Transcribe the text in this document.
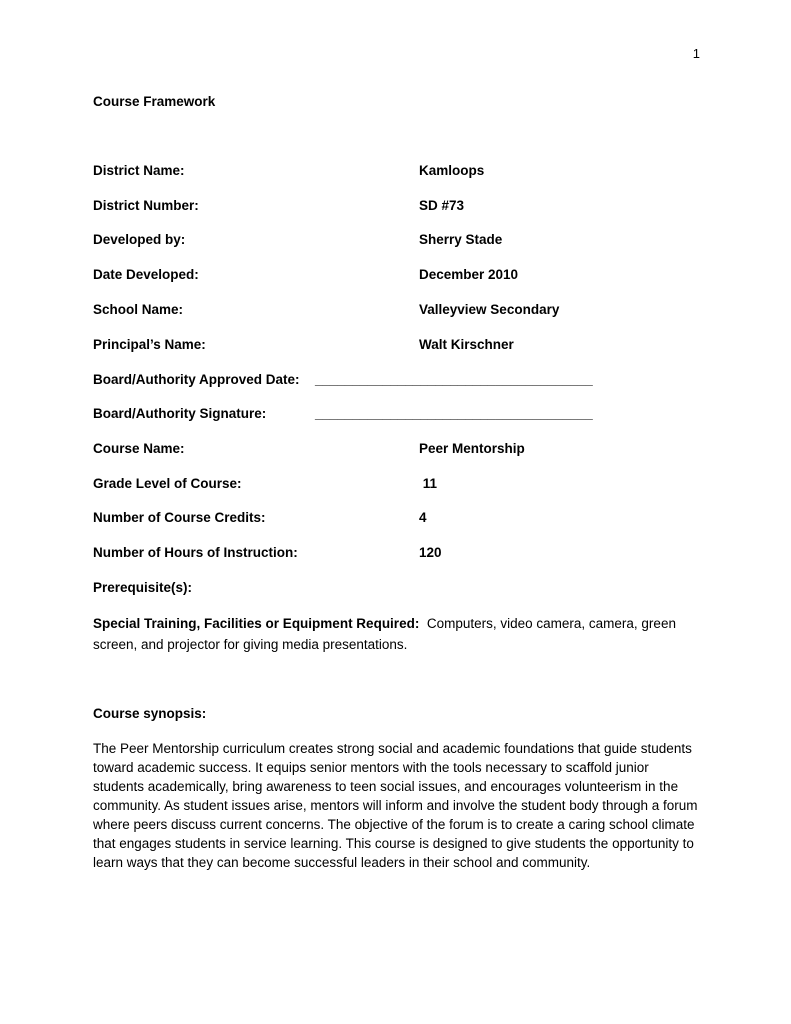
1
Course Framework
District Name:	Kamloops
District Number:	SD #73
Developed by:	Sherry Stade
Date Developed:	December 2010
School Name:	Valleyview Secondary
Principal’s Name:	Walt Kirschner
Board/Authority Approved Date: _____________________________________
Board/Authority Signature:	_____________________________________
Course Name:	Peer Mentorship
Grade Level of Course:	11
Number of Course Credits:	4
Number of Hours of Instruction:	120
Prerequisite(s):
Special Training, Facilities or Equipment Required: Computers, video camera, camera, green screen, and projector for giving media presentations.
Course synopsis:
The Peer Mentorship curriculum creates strong social and academic foundations that guide students toward academic success. It equips senior mentors with the tools necessary to scaffold junior students academically, bring awareness to teen social issues, and encourages volunteerism in the community. As student issues arise, mentors will inform and involve the student body through a forum where peers discuss current concerns. The objective of the forum is to create a caring school climate that engages students in service learning. This course is designed to give students the opportunity to learn ways that they can become successful leaders in their school and community.
